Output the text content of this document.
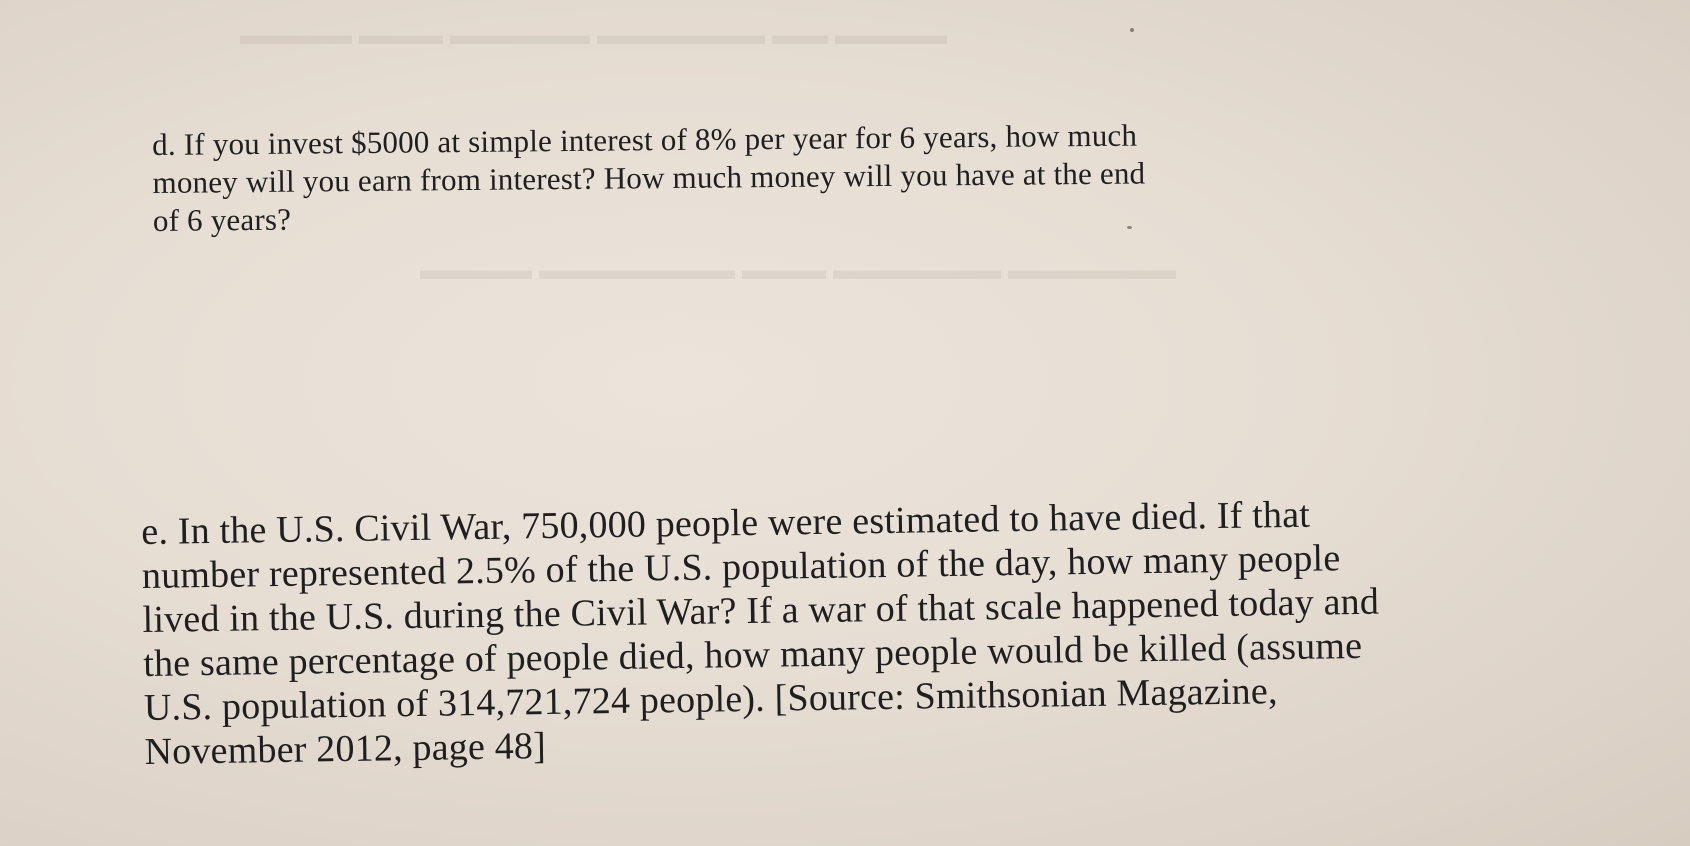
▬▬▬▬ ▬▬ ▬▬▬▬▬▬ ▬▬▬▬▬ ▬▬▬ ▬▬▬▬
▬▬▬▬▬▬ ▬▬▬▬▬▬ ▬▬▬ ▬▬▬▬▬▬▬ ▬▬▬▬
d. If you invest $5000 at simple interest of 8% per year for 6 years, how much
money will you earn from interest? How much money will you have at the end
of 6 years?
e. In the U.S. Civil War, 750,000 people were estimated to have died. If that
number represented 2.5% of the U.S. population of the day, how many people
lived in the U.S. during the Civil War? If a war of that scale happened today and
the same percentage of people died, how many people would be killed (assume
U.S. population of 314,721,724 people). [Source: Smithsonian Magazine,
November 2012, page 48]
